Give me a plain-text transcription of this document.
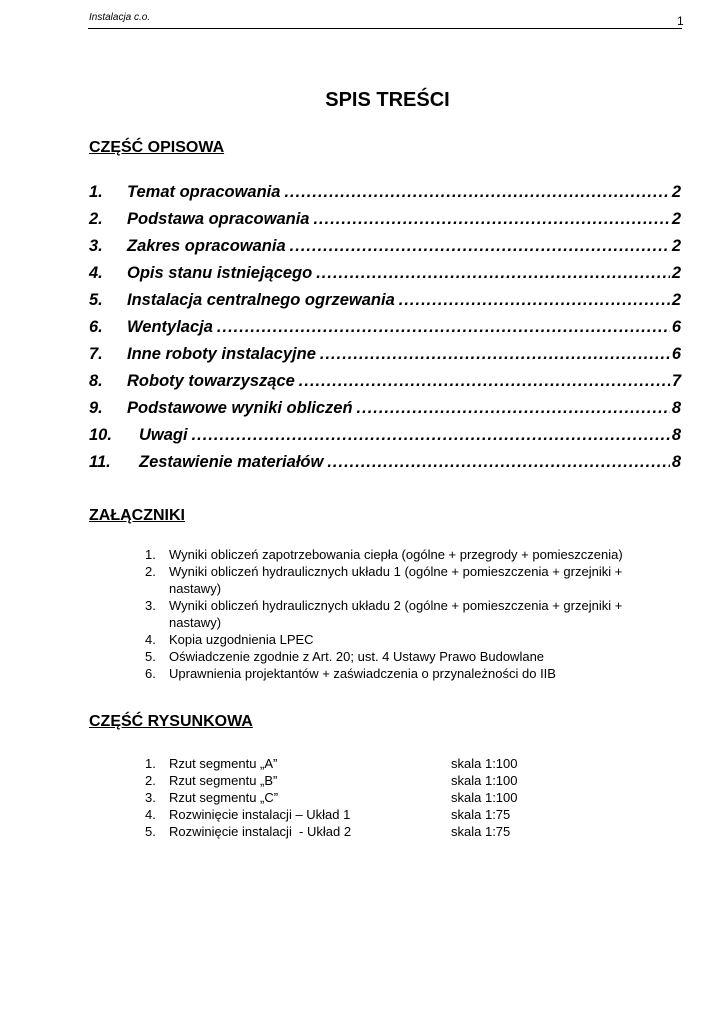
Instalacja c.o.	1
SPIS TREŚCI
CZĘŚĆ OPISOWA
1.	Temat opracowania .....	2
2.	Podstawa opracowania .....	2
3.	Zakres opracowania .....	2
4.	Opis stanu istniejącego .....	2
5.	Instalacja centralnego ogrzewania .....	2
6.	Wentylacja .....	6
7.	Inne roboty instalacyjne .....	6
8.	Roboty towarzyszące .....	7
9.	Podstawowe wyniki obliczeń .....	8
10.	Uwagi .....	8
11.	Zestawienie materiałów .....	8
ZAŁĄCZNIKI
1.	Wyniki obliczeń zapotrzebowania ciepła (ogólne + przegrody + pomieszczenia)
2.	Wyniki obliczeń hydraulicznych układu 1 (ogólne + pomieszczenia + grzejniki +
nastawy)
3.	Wyniki obliczeń hydraulicznych układu 2 (ogólne + pomieszczenia + grzejniki +
nastawy)
4.	Kopia uzgodnienia LPEC
5.	Oświadczenie zgodnie z Art. 20; ust. 4 Ustawy Prawo Budowlane
6.	Uprawnienia projektantów + zaświadczenia o przynależności do IIB
CZĘŚĆ RYSUNKOWA
1.	Rzut segmentu „A”	skala 1:100
2.	Rzut segmentu „B”	skala 1:100
3.	Rzut segmentu „C”	skala 1:100
4.	Rozwinięcie instalacji – Układ 1	skala 1:75
5.	Rozwinięcie instalacji  - Układ 2	skala 1:75
